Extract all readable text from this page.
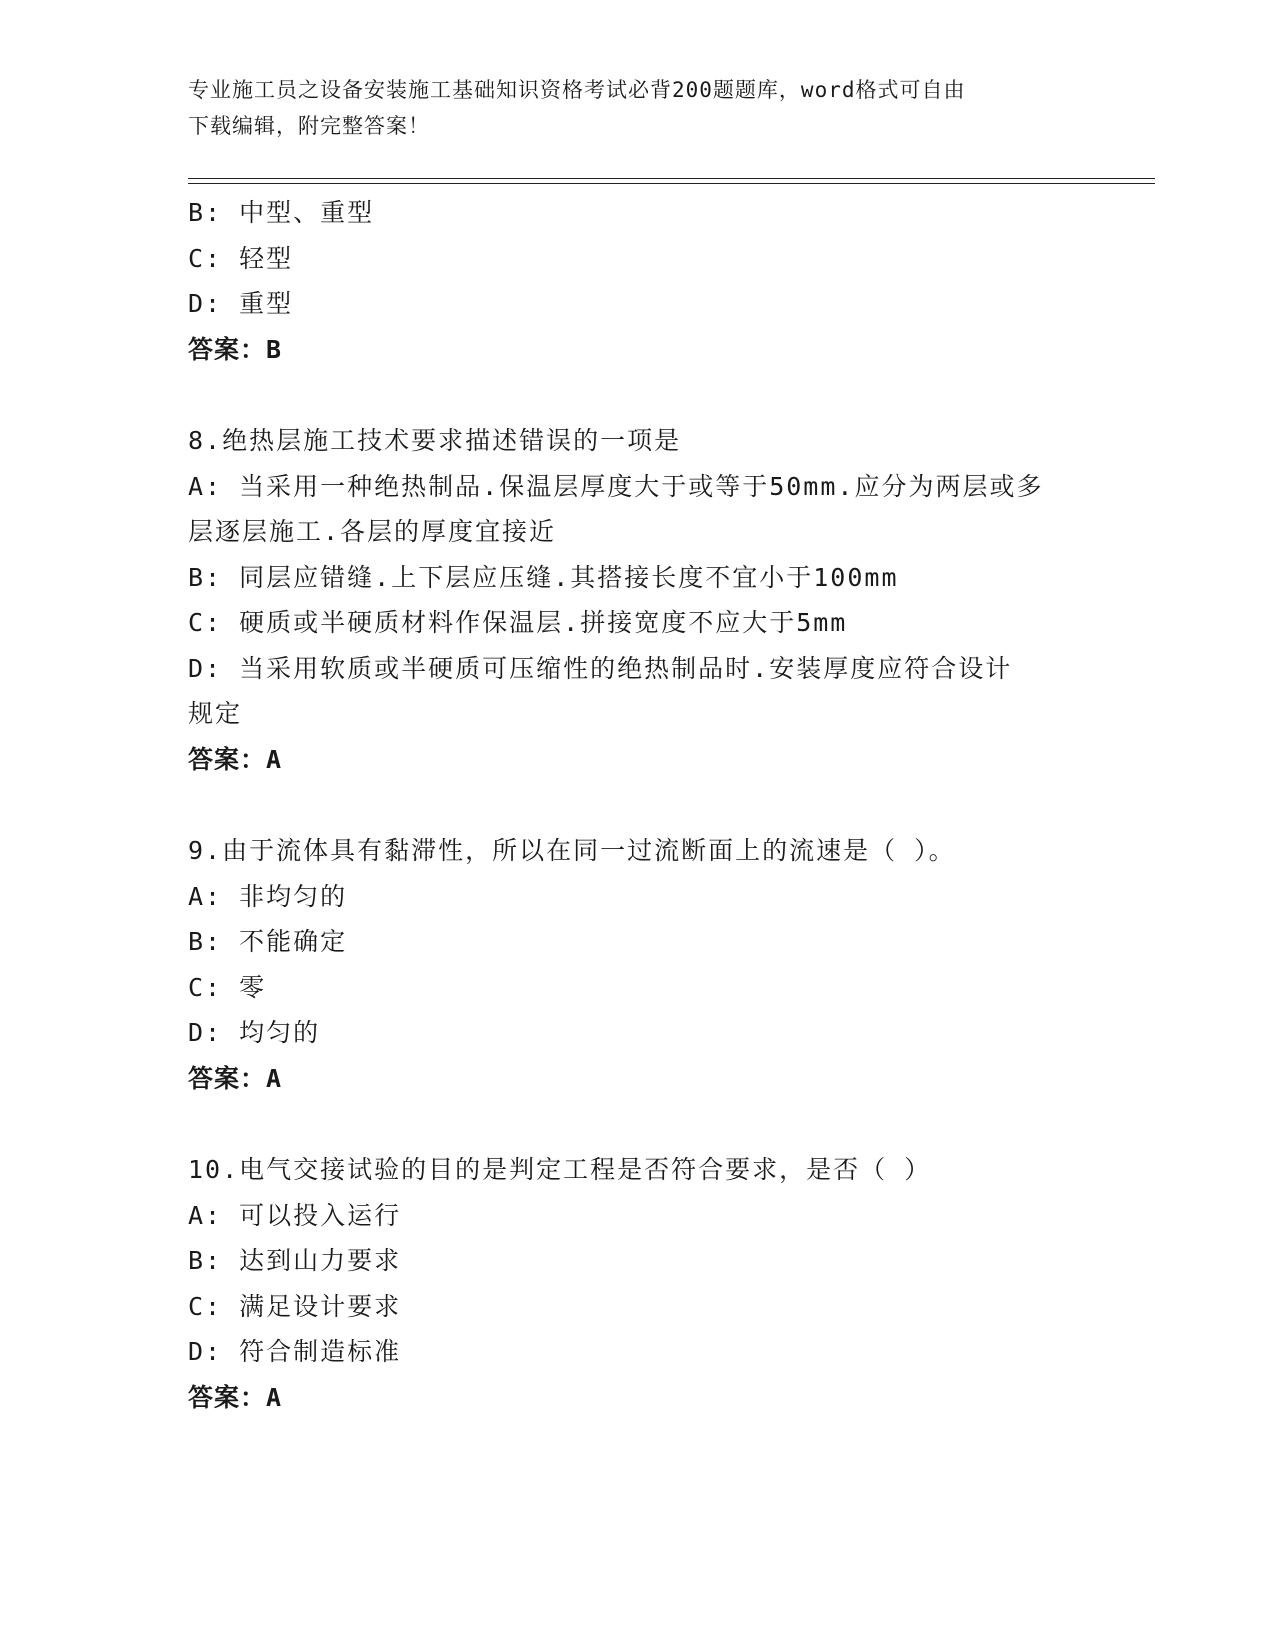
专业施工员之设备安装施工基础知识资格考试必背200题题库，word格式可自由
下载编辑，附完整答案！
B: 中型、重型
C: 轻型
D: 重型
答案：B
8.绝热层施工技术要求描述错误的一项是
A: 当采用一种绝热制品.保温层厚度大于或等于50mm.应分为两层或多
层逐层施工.各层的厚度宜接近
B: 同层应错缝.上下层应压缝.其搭接长度不宜小于100mm
C: 硬质或半硬质材料作保温层.拼接宽度不应大于5mm
D: 当采用软质或半硬质可压缩性的绝热制品时.安装厚度应符合设计
规定
答案：A
9.由于流体具有黏滞性，所以在同一过流断面上的流速是（ ）。
A: 非均匀的
B: 不能确定
C: 零
D: 均匀的
答案：A
10.电气交接试验的目的是判定工程是否符合要求，是否（ ）
A: 可以投入运行
B: 达到山力要求
C: 满足设计要求
D: 符合制造标准
答案：A
